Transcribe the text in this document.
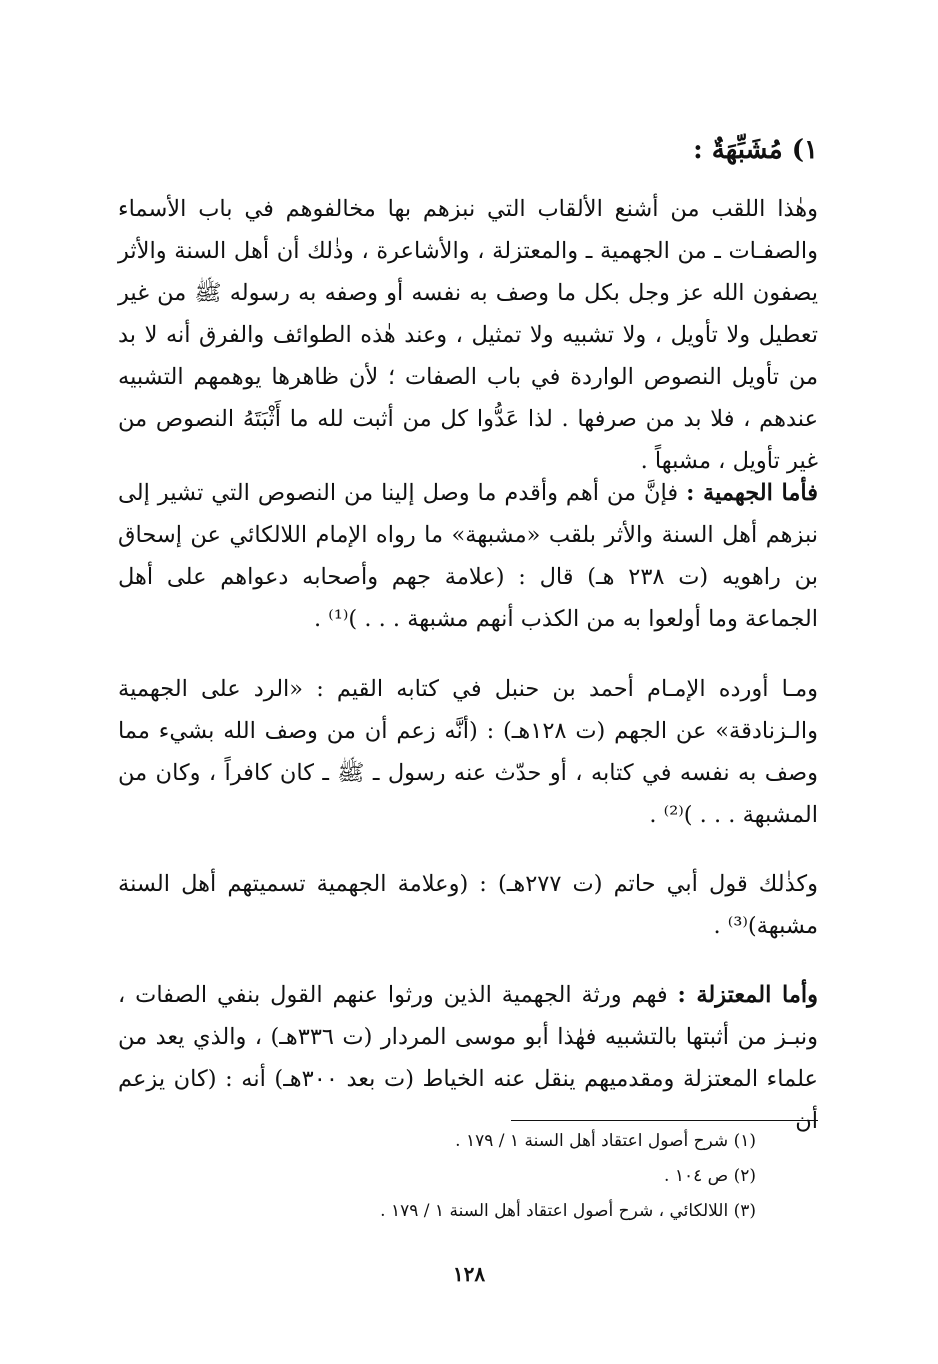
١) مُشَبِّهَةٌ :

وهٰذا اللقب من أشنع الألقاب التي نبزهم بها مخالفوهم في باب الأسماء والصفـات ـ من الجهمية ـ والمعتزلة ، والأشاعرة ، وذٰلك أن أهل السنة والأثر يصفون الله عز وجل بكل ما وصف به نفسه أو وصفه به رسوله ﷺ من غير تعطيل ولا تأويل ، ولا تشبيه ولا تمثيل ، وعند هٰذه الطوائف والفرق أنه لا بد من تأويل النصوص الواردة في باب الصفات ؛ لأن ظاهرها يوهمهم التشبيه عندهم ، فلا بد من صرفها . لذا عَدُّوا كل من أثبت لله ما أَثْبَتَهُ النصوص من غير تأويل ، مشبهاً .

فأما الجهمية : فإنَّ من أهم وأقدم ما وصل إلينا من النصوص التي تشير إلى نبزهم أهل السنة والأثر بلقب «مشبهة» ما رواه الإمام اللالكائي عن إسحاق بن راهويه (ت ٢٣٨ هـ) قال : (علامة جهم وأصحابه دعواهم على أهل الجماعة وما أولعوا به من الكذب أنهم مشبهة . . . )⁽¹⁾ .

ومـا أورده الإمـام أحمد بن حنبل في كتابه القيم : «الرد على الجهمية والـزنادقة» عن الجهم (ت ١٢٨هـ) : (أنَّه زعم أن من وصف الله بشيء مما وصف به نفسه في كتابه ، أو حدّث عنه رسول ـ ﷺ ـ كان كافراً ، وكان من المشبهة . . . )⁽²⁾ .

وكذٰلك قول أبي حاتم (ت ٢٧٧هـ) : (وعلامة الجهمية تسميتهم أهل السنة مشبهة)⁽³⁾ .

وأما المعتزلة : فهم ورثة الجهمية الذين ورثوا عنهم القول بنفي الصفات ، ونبـز من أثبتها بالتشبيه فهٰذا أبو موسى المردار (ت ٣٣٦هـ) ، والذي يعد من علماء المعتزلة ومقدميهم ينقل عنه الخياط (ت بعد ٣٠٠هـ) أنه : (كان يزعم أن

(١) شرح أصول اعتقاد أهل السنة ١ / ١٧٩ .
(٢) ص ١٠٤ .
(٣) اللالكائي ، شرح أصول اعتقاد أهل السنة ١ / ١٧٩ .
١٢٨
